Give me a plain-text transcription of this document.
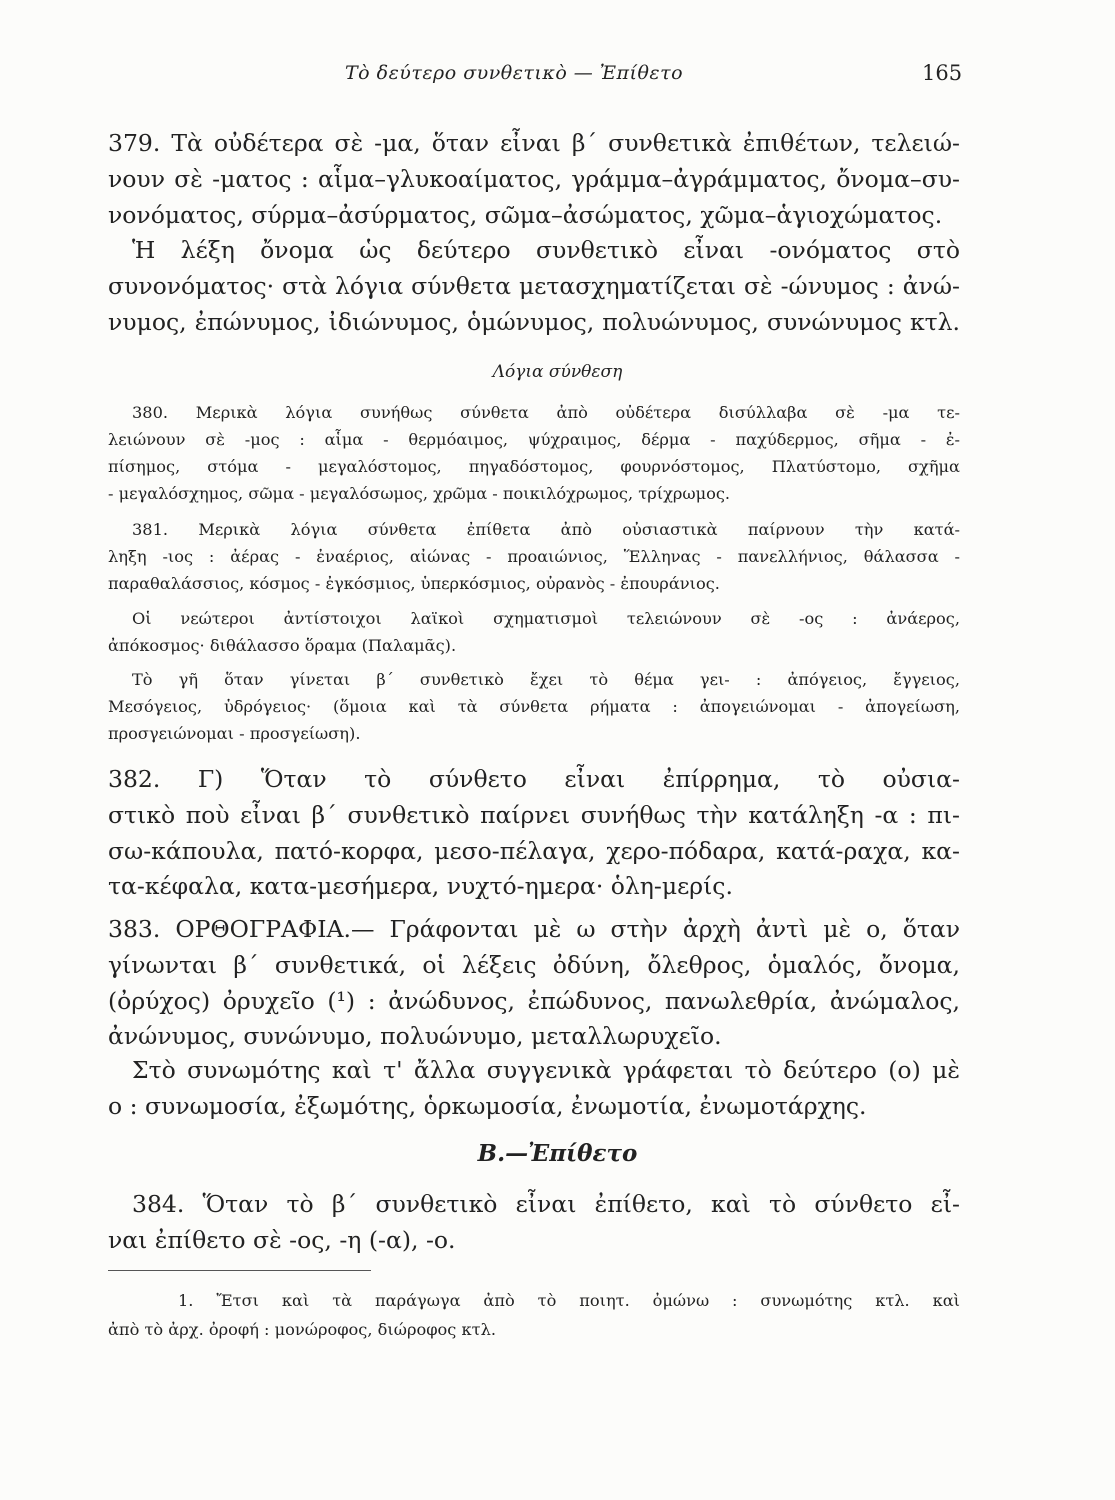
Τὸ δεύτερο συνθετικὸ — Ἐπίθετο	165
379. Τὰ οὐδέτερα σὲ -μα, ὅταν εἶναι β΄ συνθετικὰ ἐπιθέτων, τελειώ-
νουν σὲ -ματος : αἷμα–γλυκοαίματος, γράμμα–ἀγράμματος, ὄνομα–συ-
νονόματος, σύρμα–ἀσύρματος, σῶμα–ἀσώματος, χῶμα–ἁγιοχώματος.
Ἡ λέξη ὄνομα ὡς δεύτερο συνθετικὸ εἶναι -ονόματος στὸ
συνονόματος· στὰ λόγια σύνθετα μετασχηματίζεται σὲ -ώνυμος : ἀνώ-
νυμος, ἐπώνυμος, ἰδιώνυμος, ὁμώνυμος, πολυώνυμος, συνώνυμος κτλ.
Λόγια σύνθεση
380. Μερικὰ λόγια συνήθως σύνθετα ἀπὸ οὐδέτερα δισύλλαβα σὲ -μα τε-
λειώνουν σὲ -μος : αἷμα - θερμόαιμος, ψύχραιμος, δέρμα - παχύδερμος, σῆμα - ἐ-
πίσημος, στόμα - μεγαλόστομος, πηγαδόστομος, φουρνόστομος, Πλατύστομο, σχῆμα
- μεγαλόσχημος, σῶμα - μεγαλόσωμος, χρῶμα - ποικιλόχρωμος, τρίχρωμος.
381. Μερικὰ λόγια σύνθετα ἐπίθετα ἀπὸ οὐσιαστικὰ παίρνουν τὴν κατά-
ληξη -ιος : ἀέρας - ἐναέριος, αἰώνας - προαιώνιος, Ἕλληνας - πανελλήνιος, θάλασσα -
παραθαλάσσιος, κόσμος - ἐγκόσμιος, ὑπερκόσμιος, οὐρανὸς - ἐπουράνιος.
Οἱ νεώτεροι ἀντίστοιχοι λαϊκοὶ σχηματισμοὶ τελειώνουν σὲ -ος : ἀνάερος,
ἀπόκοσμος· διθάλασσο ὅραμα (Παλαμᾶς).
Τὸ γῆ ὅταν γίνεται β΄ συνθετικὸ ἔχει τὸ θέμα γει- : ἀπόγειος, ἔγγειος,
Μεσόγειος, ὑδρόγειος· (ὅμοια καὶ τὰ σύνθετα ρήματα : ἀπογειώνομαι - ἀπογείωση,
προσγειώνομαι - προσγείωση).
382. Γ) Ὅταν τὸ σύνθετο εἶναι ἐπίρρημα, τὸ οὐσια-
στικὸ ποὺ εἶναι β΄ συνθετικὸ παίρνει συνήθως τὴν κατάληξη -α : πι-
σω-κάπουλα, πατό-κορφα, μεσο-πέλαγα, χερο-πόδαρα, κατά-ραχα, κα-
τα-κέφαλα, κατα-μεσήμερα, νυχτό-ημερα· ὁλη-μερίς.
383. ΟΡΘΟΓΡΑΦΙΑ.— Γράφονται μὲ ω στὴν ἀρχὴ ἀντὶ μὲ ο, ὅταν
γίνωνται β΄ συνθετικά, οἱ λέξεις ὀδύνη, ὄλεθρος, ὁμαλός, ὄνομα,
(ὀρύχος) ὀρυχεῖο (¹) : ἀνώδυνος, ἐπώδυνος, πανωλεθρία, ἀνώμαλος,
ἀνώνυμος, συνώνυμο, πολυώνυμο, μεταλλωρυχεῖο.
Στὸ συνωμότης καὶ τ' ἄλλα συγγενικὰ γράφεται τὸ δεύτερο (ο) μὲ
ο : συνωμοσία, ἐξωμότης, ὁρκωμοσία, ἐνωμοτία, ἐνωμοτάρχης.
Β.—Ἐπίθετο
384. Ὅταν τὸ β΄ συνθετικὸ εἶναι ἐπίθετο, καὶ τὸ σύνθετο εἶ-
ναι ἐπίθετο σὲ -ος, -η (-α), -ο.
1. Ἔτσι καὶ τὰ παράγωγα ἀπὸ τὸ ποιητ. ὀμώνω : συνωμότης κτλ. καὶ
ἀπὸ τὸ ἀρχ. ὀροφή : μονώροφος, διώροφος κτλ.
